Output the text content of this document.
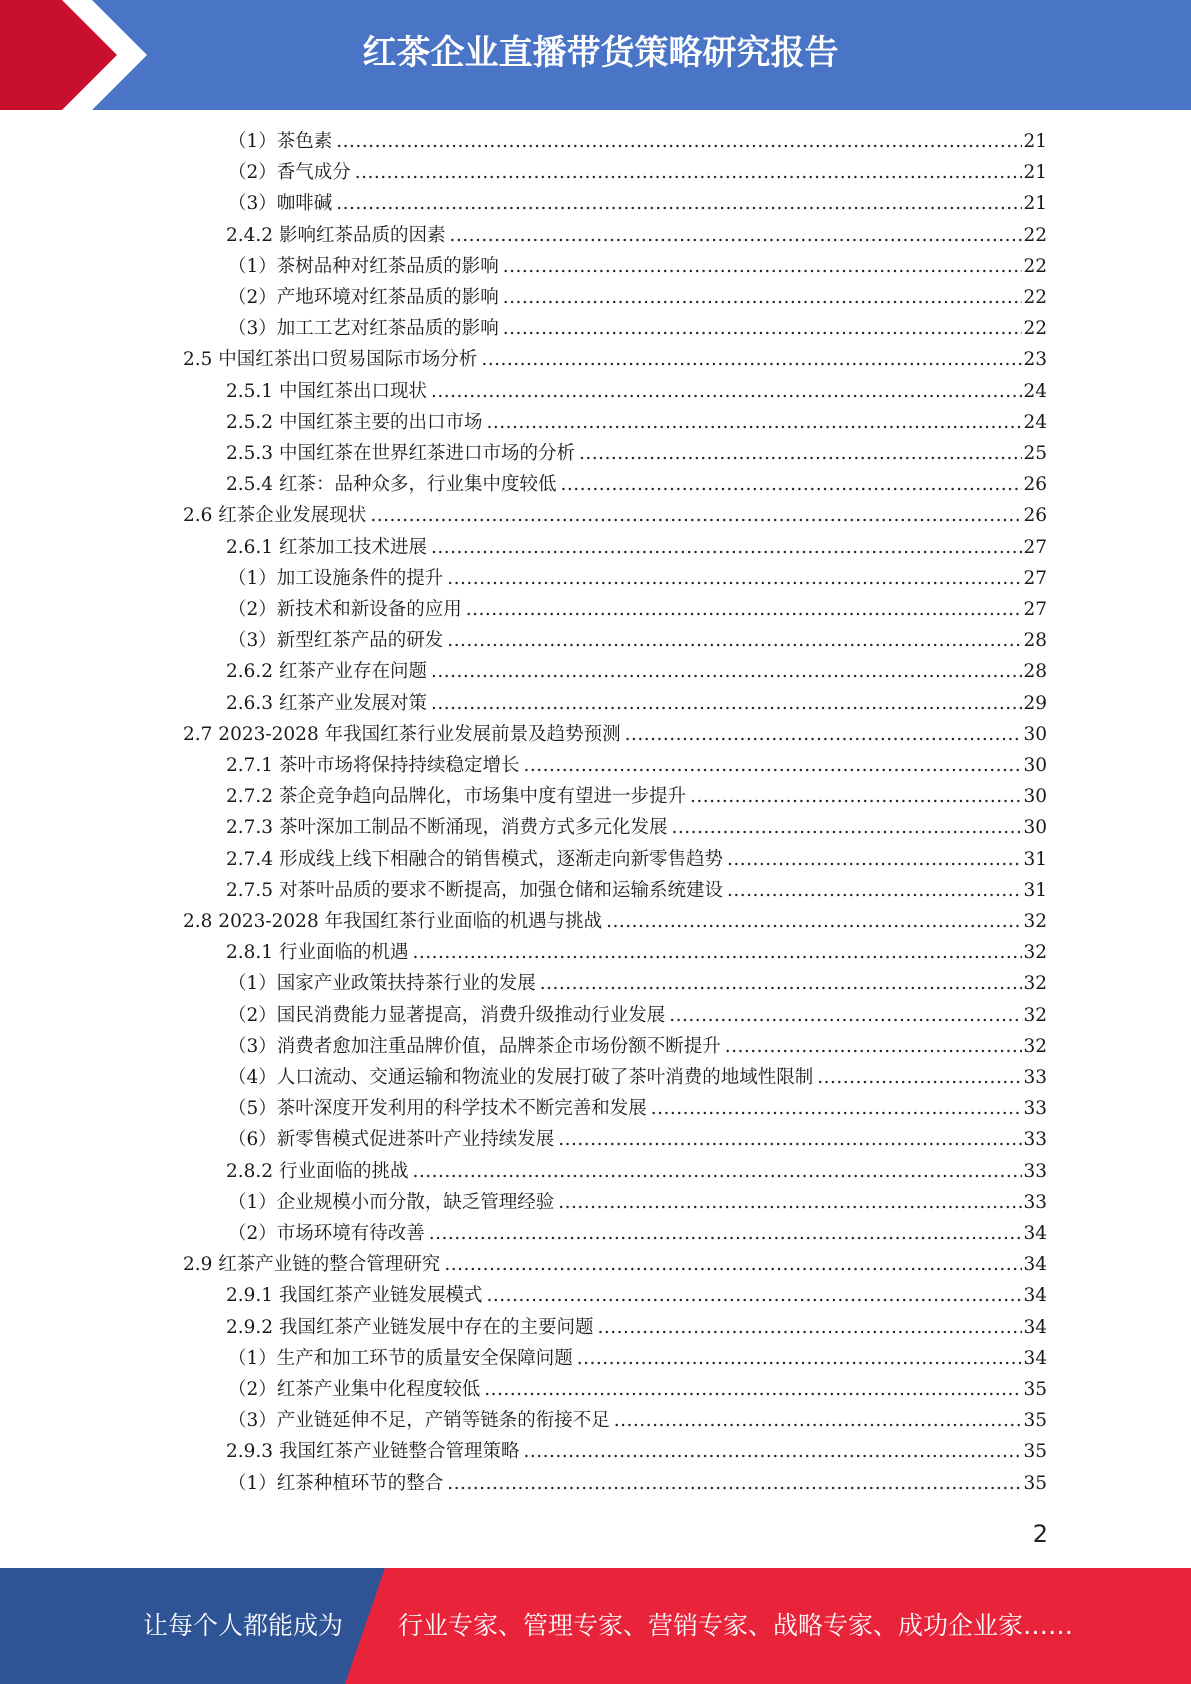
红茶企业直播带货策略研究报告
（1）茶色素 .....	21
（2）香气成分 .....	21
（3）咖啡碱 .....	21
2.4.2 影响红茶品质的因素 .....	22
（1）茶树品种对红茶品质的影响 .....	22
（2）产地环境对红茶品质的影响 .....	22
（3）加工工艺对红茶品质的影响 .....	22
2.5 中国红茶出口贸易国际市场分析 .....	23
2.5.1 中国红茶出口现状 .....	24
2.5.2 中国红茶主要的出口市场 .....	24
2.5.3 中国红茶在世界红茶进口市场的分析 .....	25
2.5.4 红茶：品种众多，行业集中度较低 .....	26
2.6 红茶企业发展现状 .....	26
2.6.1 红茶加工技术进展 .....	27
（1）加工设施条件的提升 .....	27
（2）新技术和新设备的应用 .....	27
（3）新型红茶产品的研发 .....	28
2.6.2 红茶产业存在问题 .....	28
2.6.3 红茶产业发展对策 .....	29
2.7 2023-2028 年我国红茶行业发展前景及趋势预测 .....	30
2.7.1 茶叶市场将保持持续稳定增长 .....	30
2.7.2 茶企竞争趋向品牌化，市场集中度有望进一步提升 .....	30
2.7.3 茶叶深加工制品不断涌现，消费方式多元化发展 .....	30
2.7.4 形成线上线下相融合的销售模式，逐渐走向新零售趋势 .....	31
2.7.5 对茶叶品质的要求不断提高，加强仓储和运输系统建设 .....	31
2.8 2023-2028 年我国红茶行业面临的机遇与挑战 .....	32
2.8.1 行业面临的机遇 .....	32
（1）国家产业政策扶持茶行业的发展 .....	32
（2）国民消费能力显著提高，消费升级推动行业发展 .....	32
（3）消费者愈加注重品牌价值，品牌茶企市场份额不断提升 .....	32
（4）人口流动、交通运输和物流业的发展打破了茶叶消费的地域性限制 .....	33
（5）茶叶深度开发利用的科学技术不断完善和发展 .....	33
（6）新零售模式促进茶叶产业持续发展 .....	33
2.8.2 行业面临的挑战 .....	33
（1）企业规模小而分散，缺乏管理经验 .....	33
（2）市场环境有待改善 .....	34
2.9 红茶产业链的整合管理研究 .....	34
2.9.1 我国红茶产业链发展模式 .....	34
2.9.2 我国红茶产业链发展中存在的主要问题 .....	34
（1）生产和加工环节的质量安全保障问题 .....	34
（2）红茶产业集中化程度较低 .....	35
（3）产业链延伸不足，产销等链条的衔接不足 .....	35
2.9.3 我国红茶产业链整合管理策略 .....	35
（1）红茶种植环节的整合 .....	35
2
让每个人都能成为 行业专家、管理专家、营销专家、战略专家、成功企业家……
